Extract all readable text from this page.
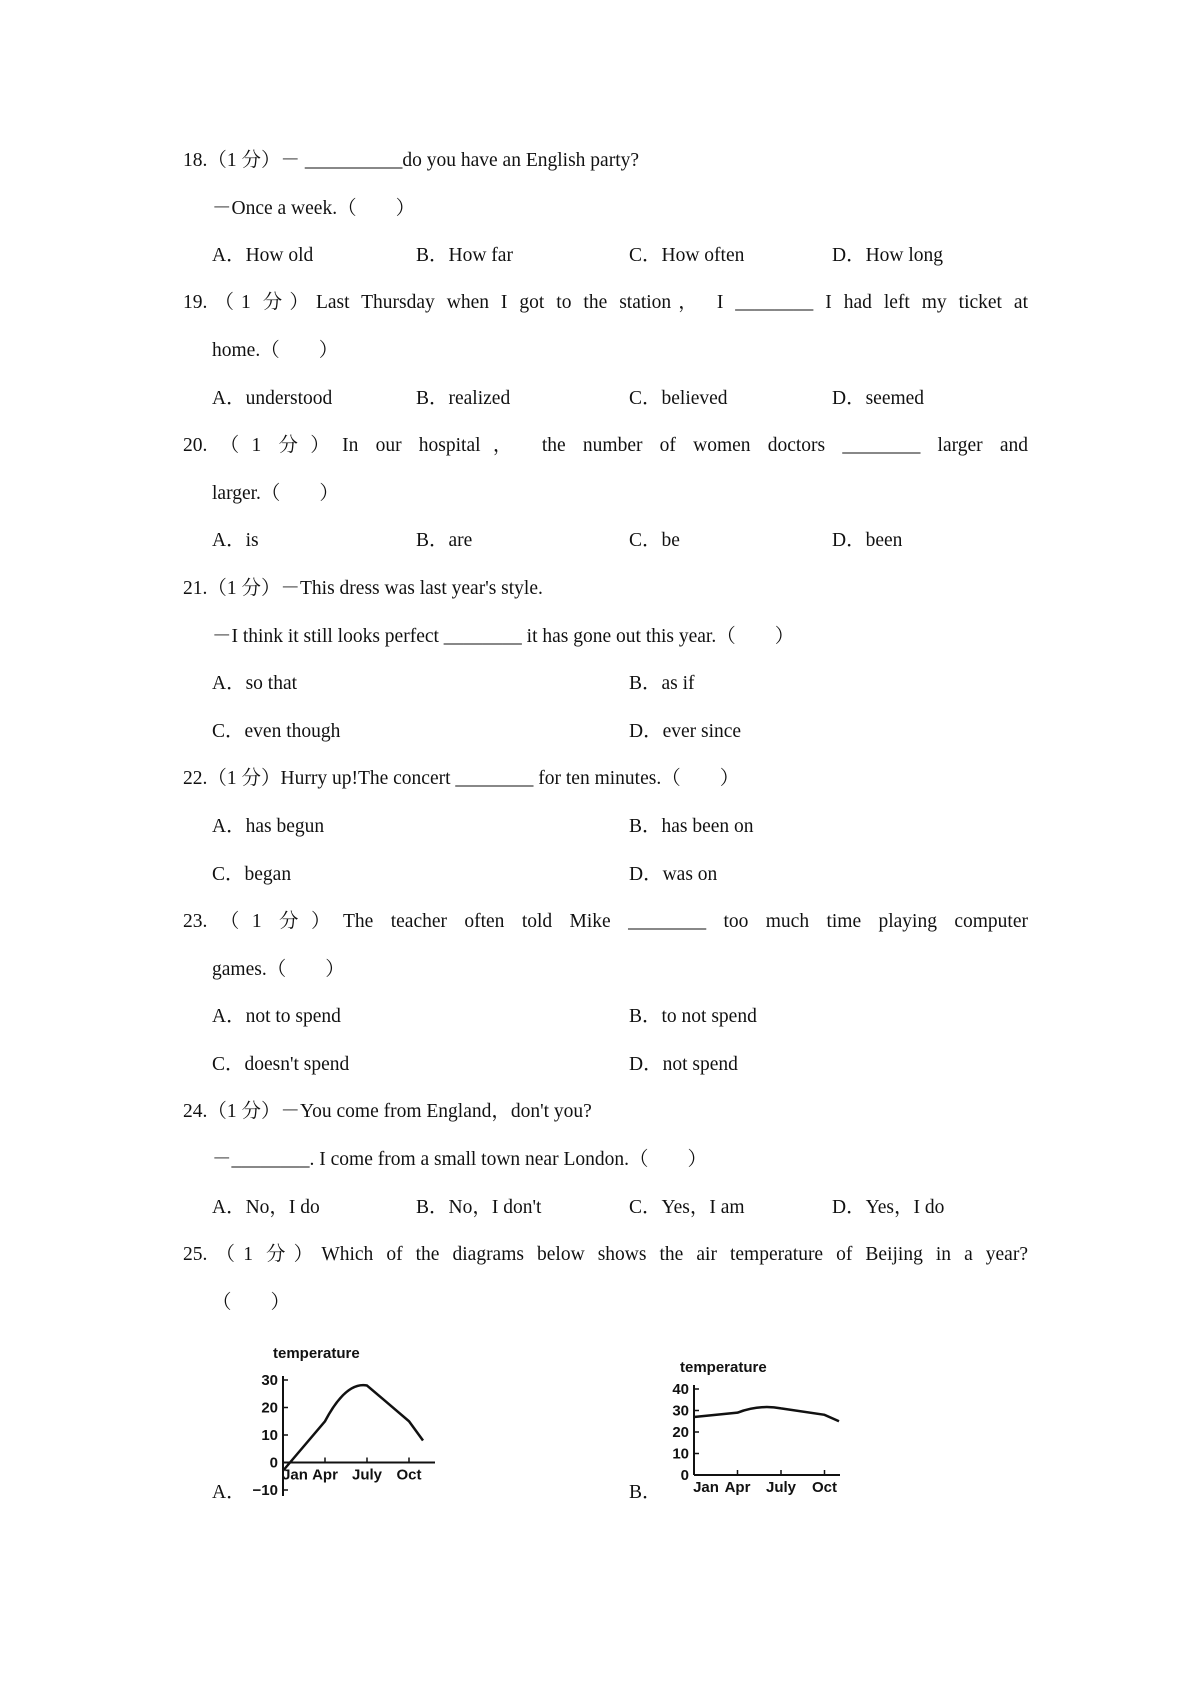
18.（1 分）－ __________do you have an English party?
－Once a week.（　　）
A．How old	B．How far	C．How often	D．How long
19.（1 分）Last Thursday when I got to the station， I ________ I had left my ticket at
home.（　　）
A．understood	B．realized	C．believed	D．seemed
20.（1 分）In our hospital， the number of women doctors ________ larger and
larger.（　　）
A．is	B．are	C．be	D．been
21.（1 分）－This dress was last year's style.
－I think it still looks perfect ________ it has gone out this year.（　　）
A．so that	B．as if
C．even though	D．ever since
22.（1 分）Hurry up!The concert ________ for ten minutes.（　　）
A．has begun	B．has been on
C．began	D．was on
23.（1 分）The teacher often told Mike ________ too much time playing computer
games.（　　）
A．not to spend	B．to not spend
C．doesn't spend	D．not spend
24.（1 分）－You come from England，don't you?
－________. I come from a small town near London.（　　）
A．No，I do	B．No，I don't	C．Yes，I am	D．Yes，I do
25.（1 分）Which of the diagrams below shows the air temperature of Beijing in a year?
（　　）
A．	B．
temperature
−10
0
10
20
30
Jan Apr July Oct
temperature
0
10
20
30
40
Jan Apr July Oct
